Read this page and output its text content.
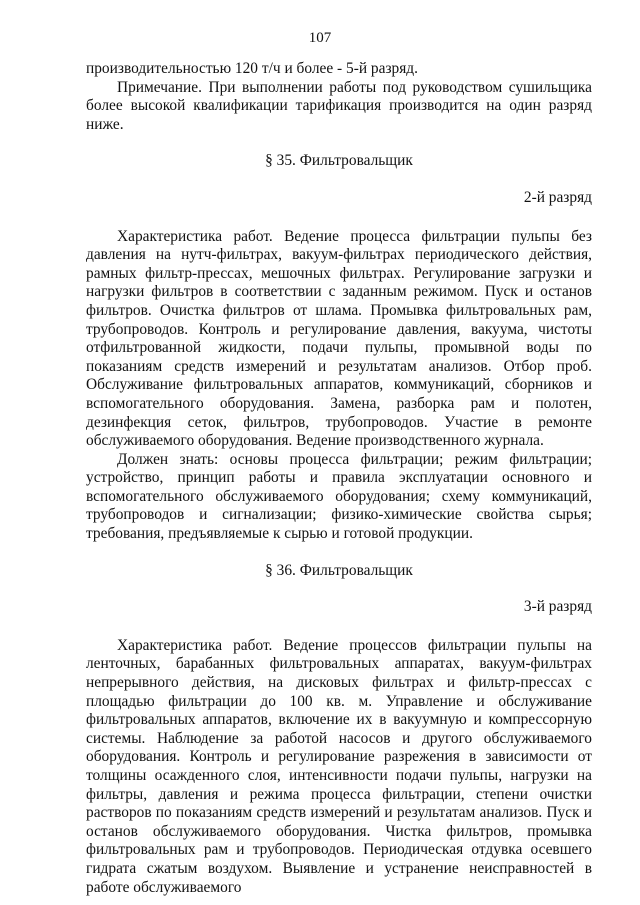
107

производительностью 120 т/ч и более - 5-й разряд.

Примечание. При выполнении работы под руководством сушильщика более высокой квалификации тарификация производится на один разряд ниже.

§ 35. Фильтровальщик

2-й разряд

Характеристика работ. Ведение процесса фильтрации пульпы без давления на нутч-фильтрах, вакуум-фильтрах периодического действия, рамных фильтр-прессах, мешочных фильтрах. Регулирование загрузки и нагрузки фильтров в соответствии с заданным режимом. Пуск и останов фильтров. Очистка фильтров от шлама. Промывка фильтровальных рам, трубопроводов. Контроль и регулирование давления, вакуума, чистоты отфильтрованной жидкости, подачи пульпы, промывной воды по показаниям средств измерений и результатам анализов. Отбор проб. Обслуживание фильтровальных аппаратов, коммуникаций, сборников и вспомогательного оборудования. Замена, разборка рам и полотен, дезинфекция сеток, фильтров, трубопроводов. Участие в ремонте обслуживаемого оборудования. Ведение производственного журнала.

Должен знать: основы процесса фильтрации; режим фильтрации; устройство, принцип работы и правила эксплуатации основного и вспомогательного обслуживаемого оборудования; схему коммуникаций, трубопроводов и сигнализации; физико-химические свойства сырья; требования, предъявляемые к сырью и готовой продукции.

§ 36. Фильтровальщик

3-й разряд

Характеристика работ. Ведение процессов фильтрации пульпы на ленточных, барабанных фильтровальных аппаратах, вакуум-фильтрах непрерывного действия, на дисковых фильтрах и фильтр-прессах с площадью фильтрации до 100 кв. м. Управление и обслуживание фильтровальных аппаратов, включение их в вакуумную и компрессорную системы. Наблюдение за работой насосов и другого обслуживаемого оборудования. Контроль и регулирование разрежения в зависимости от толщины осажденного слоя, интенсивности подачи пульпы, нагрузки на фильтры, давления и режима процесса фильтрации, степени очистки растворов по показаниям средств измерений и результатам анализов. Пуск и останов обслуживаемого оборудования. Чистка фильтров, промывка фильтровальных рам и трубопроводов. Периодическая отдувка осевшего гидрата сжатым воздухом. Выявление и устранение неисправностей в работе обслуживаемого
